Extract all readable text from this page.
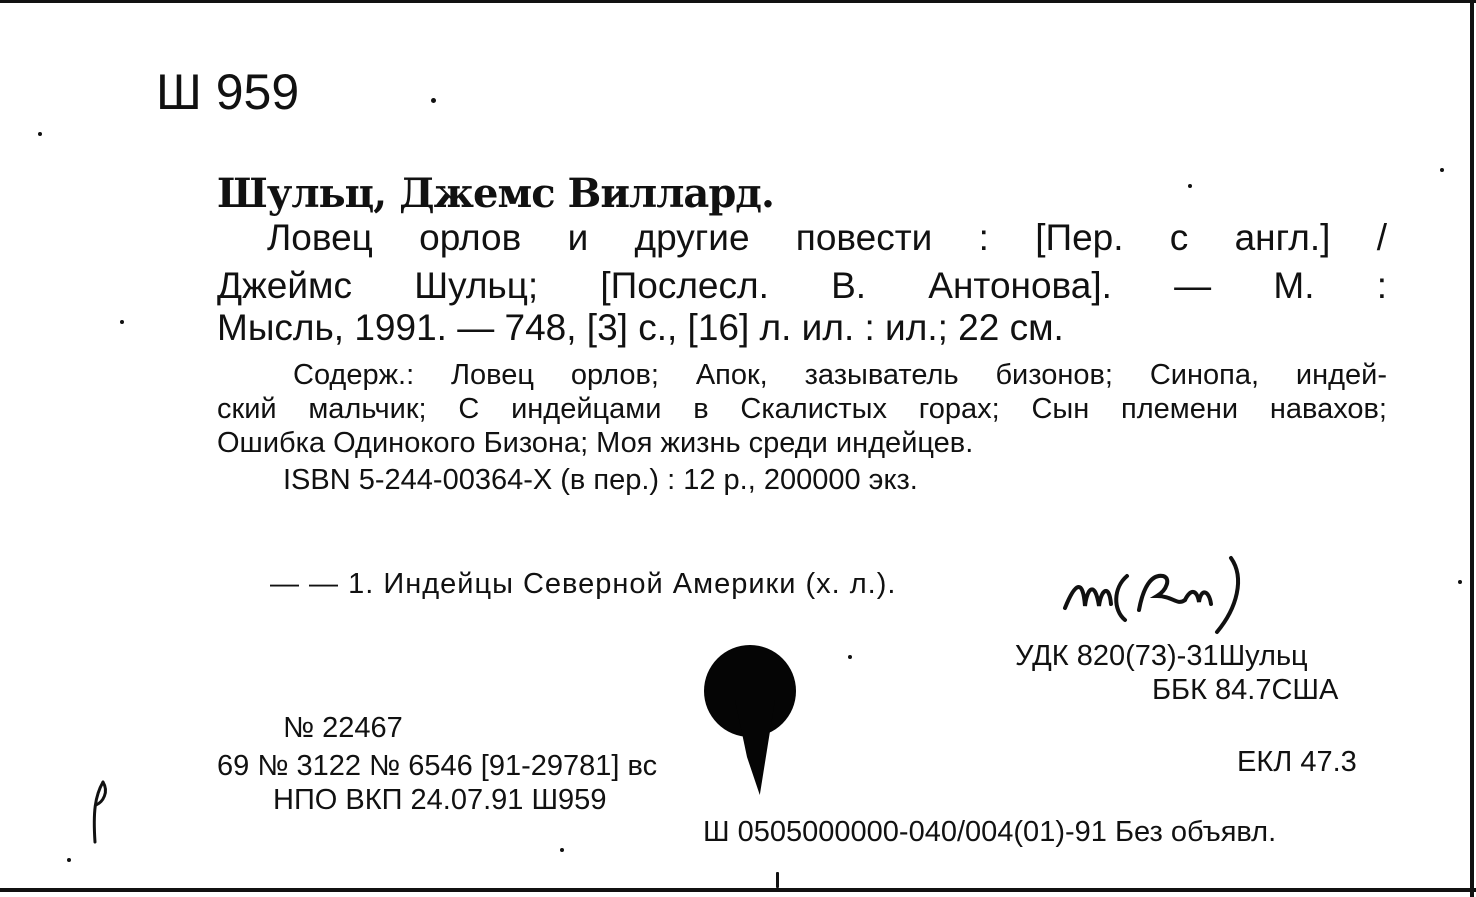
Ш 959
Шульц, Джемс Виллард.
Ловец орлов и другие повести : [Пер. с англ.] /
Джеймс Шульц; [Послесл. В. Антонова]. — М. :
Мысль, 1991. — 748, [3] с., [16] л. ил. : ил.; 22 см.
Содерж.: Ловец орлов; Апок, зазыватель бизонов; Синопа, индей-
ский мальчик; С индейцами в Скалистых горах; Сын племени навахов;
Ошибка Одинокого Бизона; Моя жизнь среди индейцев.
ISBN 5-244-00364-X (в пер.) : 12 р., 200000 экз.
— — 1. Индейцы Северной Америки (х. л.).
УДК 820(73)-31Шульц
ББК 84.7США
№ 22467
69 № 3122 № 6546 [91-29781] вс
НПО ВКП 24.07.91 Ш959
ЕКЛ 47.3
Ш 0505000000-040/004(01)-91 Без объявл.
